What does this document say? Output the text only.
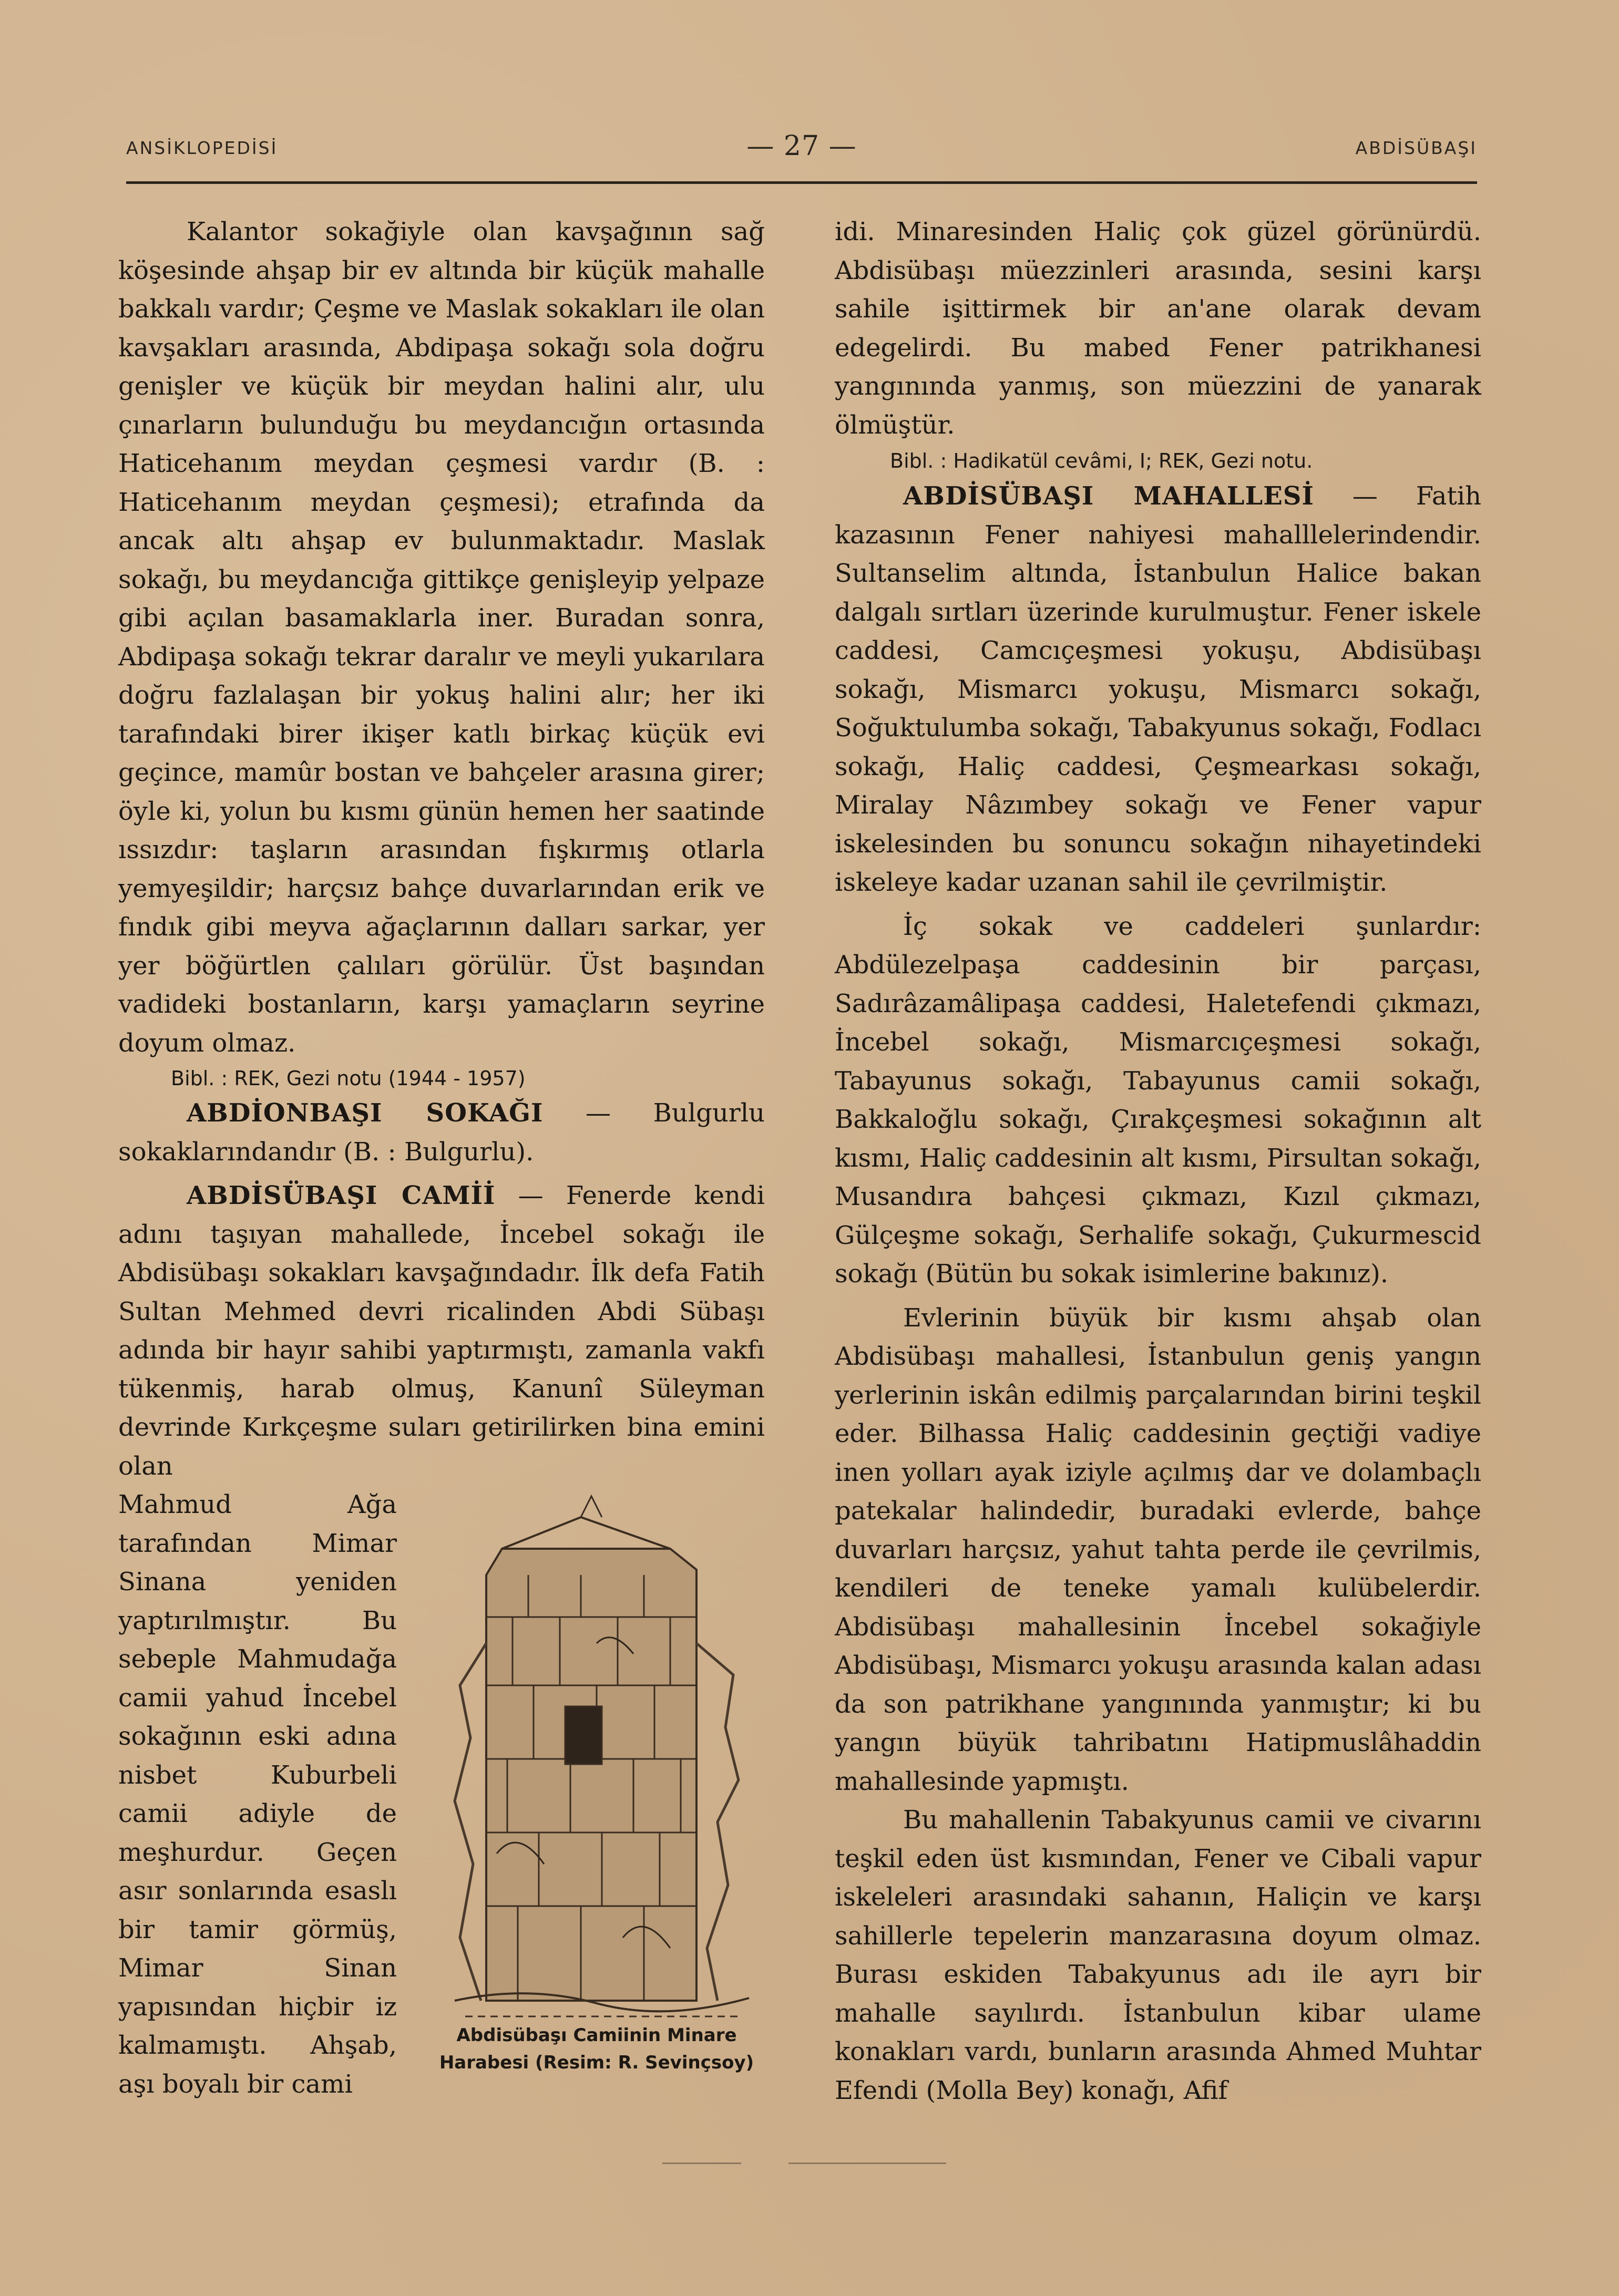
ANSİKLOPEDİSİ	— 27 —	ABDİSÜBAŞI

Kalantor sokağiyle olan kavşağının sağ köşesinde ahşap bir ev altında bir küçük mahalle bakkalı vardır; Çeşme ve Maslak sokakları ile olan kavşakları arasında, Abdipaşa sokağı sola doğru genişler ve küçük bir meydan halini alır, ulu çınarların bulunduğu bu meydancığın ortasında Haticehanım meydan çeşmesi vardır (B. : Haticehanım meydan çeşmesi); etrafında da ancak altı ahşap ev bulunmaktadır. Maslak sokağı, bu meydancığa gittikçe genişleyip yelpaze gibi açılan basamaklarla iner. Buradan sonra, Abdipaşa sokağı tekrar daralır ve meyli yukarılara doğru fazlalaşan bir yokuş halini alır; her iki tarafındaki birer ikişer katlı birkaç küçük evi geçince, mamûr bostan ve bahçeler arasına girer; öyle ki, yolun bu kısmı günün hemen her saatinde ıssızdır: taşların arasından fışkırmış otlarla yemyeşildir; harçsız bahçe duvarlarından erik ve fındık gibi meyva ağaçlarının dalları sarkar, yer yer böğürtlen çalıları görülür. Üst başından vadideki bostanların, karşı yamaçların seyrine doyum olmaz.

Bibl. : REK, Gezi notu (1944 - 1957)

ABDİONBAŞI SOKAĞI — Bulgurlu sokaklarındandır (B. : Bulgurlu).

ABDİSÜBAŞI CAMİİ — Fenerde kendi adını taşıyan mahallede, İncebel sokağı ile Abdisübaşı sokakları kavşağındadır. İlk defa Fatih Sultan Mehmed devri ricalinden Abdi Sübaşı adında bir hayır sahibi yaptırmıştı, zamanla vakfı tükenmiş, harab olmuş, Kanunî Süleyman devrinde Kırkçeşme suları getirilirken bina emini olan

Mahmud Ağa tarafından Mimar Sinana yeniden yaptırılmıştır. Bu sebeple Mahmudağa camii yahud İncebel sokağının eski adına nisbet Kuburbeli camii adiyle de meşhurdur. Geçen asır sonlarında esaslı bir tamir görmüş, Mimar Sinan yapısından hiçbir iz kalmamıştı. Ahşab, aşı boyalı bir cami

Abdisübaşı Camiinin Minare Harabesi (Resim: R. Sevinçsoy)

idi. Minaresinden Haliç çok güzel görünürdü. Abdisübaşı müezzinleri arasında, sesini karşı sahile işittirmek bir an'ane olarak devam edegelirdi. Bu mabed Fener patrikhanesi yangınında yanmış, son müezzini de yanarak ölmüştür.

Bibl. : Hadikatül cevâmi, I; REK, Gezi notu.

ABDİSÜBAŞI MAHALLESİ — Fatih kazasının Fener nahiyesi mahalllelerindendir. Sultanselim altında, İstanbulun Halice bakan dalgalı sırtları üzerinde kurulmuştur. Fener iskele caddesi, Camcıçeşmesi yokuşu, Abdisübaşı sokağı, Mismarcı yokuşu, Mismarcı sokağı, Soğuktulumba sokağı, Tabakyunus sokağı, Fodlacı sokağı, Haliç caddesi, Çeşmearkası sokağı, Miralay Nâzımbey sokağı ve Fener vapur iskelesinden bu sonuncu sokağın nihayetindeki iskeleye kadar uzanan sahil ile çevrilmiştir.

İç sokak ve caddeleri şunlardır: Abdülezelpaşa caddesinin bir parçası, Sadırâzamâlipaşa caddesi, Haletefendi çıkmazı, İncebel sokağı, Mismarcıçeşmesi sokağı, Tabayunus sokağı, Tabayunus camii sokağı, Bakkaloğlu sokağı, Çırakçeşmesi sokağının alt kısmı, Haliç caddesinin alt kısmı, Pirsultan sokağı, Musandıra bahçesi çıkmazı, Kızıl çıkmazı, Gülçeşme sokağı, Serhalife sokağı, Çukurmescid sokağı (Bütün bu sokak isimlerine bakınız).

Evlerinin büyük bir kısmı ahşab olan Abdisübaşı mahallesi, İstanbulun geniş yangın yerlerinin iskân edilmiş parçalarından birini teşkil eder. Bilhassa Haliç caddesinin geçtiği vadiye inen yolları ayak iziyle açılmış dar ve dolambaçlı patekalar halindedir, buradaki evlerde, bahçe duvarları harçsız, yahut tahta perde ile çevrilmis, kendileri de teneke yamalı kulübelerdir. Abdisübaşı mahallesinin İncebel sokağiyle Abdisübaşı, Mismarcı yokuşu arasında kalan adası da son patrikhane yangınında yanmıştır; ki bu yangın büyük tahribatını Hatipmuslâhaddin mahallesinde yapmıştı.

Bu mahallenin Tabakyunus camii ve civarını teşkil eden üst kısmından, Fener ve Cibali vapur iskeleleri arasındaki sahanın, Haliçin ve karşı sahillerle tepelerin manzarasına doyum olmaz. Burası eskiden Tabakyunus adı ile ayrı bir mahalle sayılırdı. İstanbulun kibar ulame konakları vardı, bunların arasında Ahmed Muhtar Efendi (Molla Bey) konağı, Afif
